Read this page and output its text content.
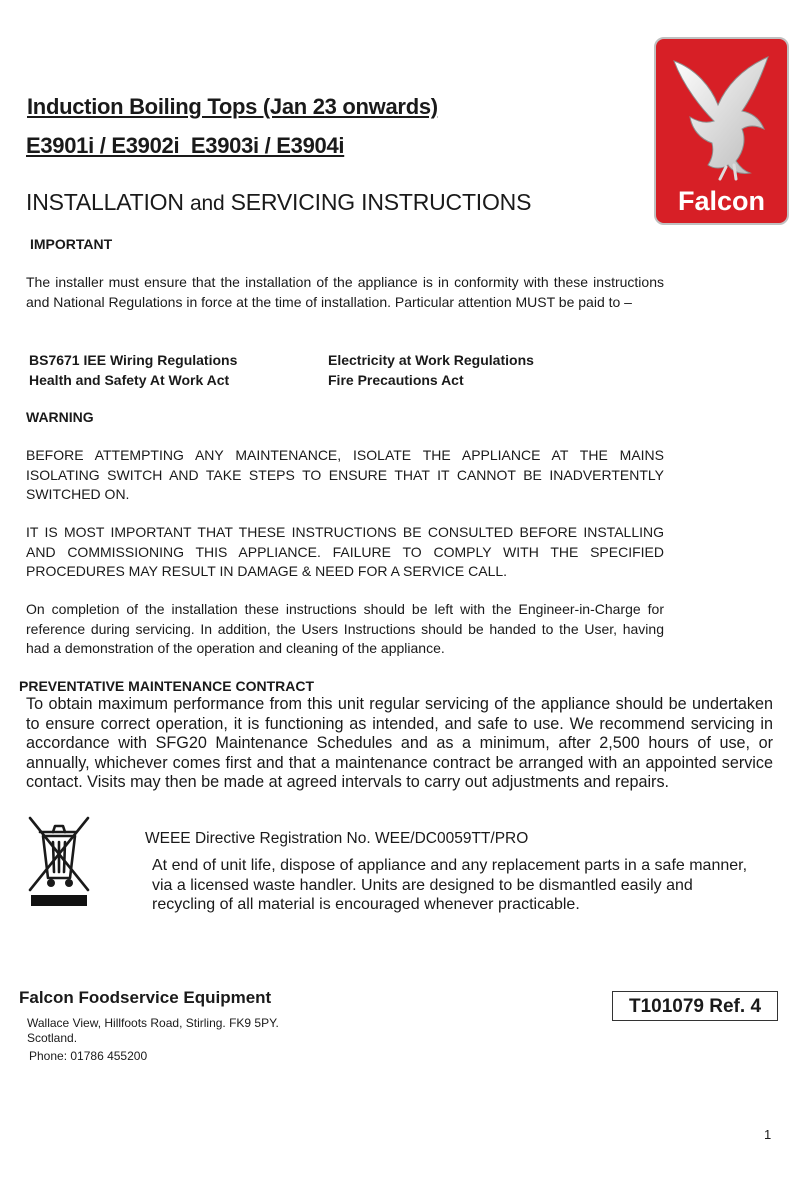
Falcon
Induction Boiling Tops (Jan 23 onwards)
E3901i / E3902i  E3903i / E3904i
INSTALLATION and SERVICING INSTRUCTIONS
IMPORTANT
The installer must ensure that the installation of the appliance is in conformity with these instructions and National Regulations in force at the time of installation. Particular attention MUST be paid to –
BS7671 IEE Wiring Regulations
Health and Safety At Work Act
Electricity at Work Regulations
Fire Precautions Act
WARNING
BEFORE ATTEMPTING ANY MAINTENANCE, ISOLATE THE APPLIANCE AT THE MAINS ISOLATING SWITCH AND TAKE STEPS TO ENSURE THAT IT CANNOT BE INADVERTENTLY SWITCHED ON.
IT IS MOST IMPORTANT THAT THESE INSTRUCTIONS BE CONSULTED BEFORE INSTALLING AND COMMISSIONING THIS APPLIANCE. FAILURE TO COMPLY WITH THE SPECIFIED PROCEDURES MAY RESULT IN DAMAGE & NEED FOR A SERVICE CALL.
On completion of the installation these instructions should be left with the Engineer-in-Charge for reference during servicing. In addition, the Users Instructions should be handed to the User, having had a demonstration of the operation and cleaning of the appliance.
PREVENTATIVE MAINTENANCE CONTRACT
To obtain maximum performance from this unit regular servicing of the appliance should be undertaken to ensure correct operation, it is functioning as intended, and safe to use. We recommend servicing in accordance with SFG20 Maintenance Schedules and as a minimum, after 2,500 hours of use, or annually, whichever comes first and that a maintenance contract be arranged with an appointed service contact. Visits may then be made at agreed intervals to carry out adjustments and repairs.
WEEE Directive Registration No. WEE/DC0059TT/PRO
At end of unit life, dispose of appliance and any replacement parts in a safe manner, via a licensed waste handler. Units are designed to be dismantled easily and recycling of all material is encouraged whenever practicable.
Falcon Foodservice Equipment
Wallace View, Hillfoots Road, Stirling. FK9 5PY.
Scotland.
Phone: 01786 455200
T101079 Ref. 4
1
